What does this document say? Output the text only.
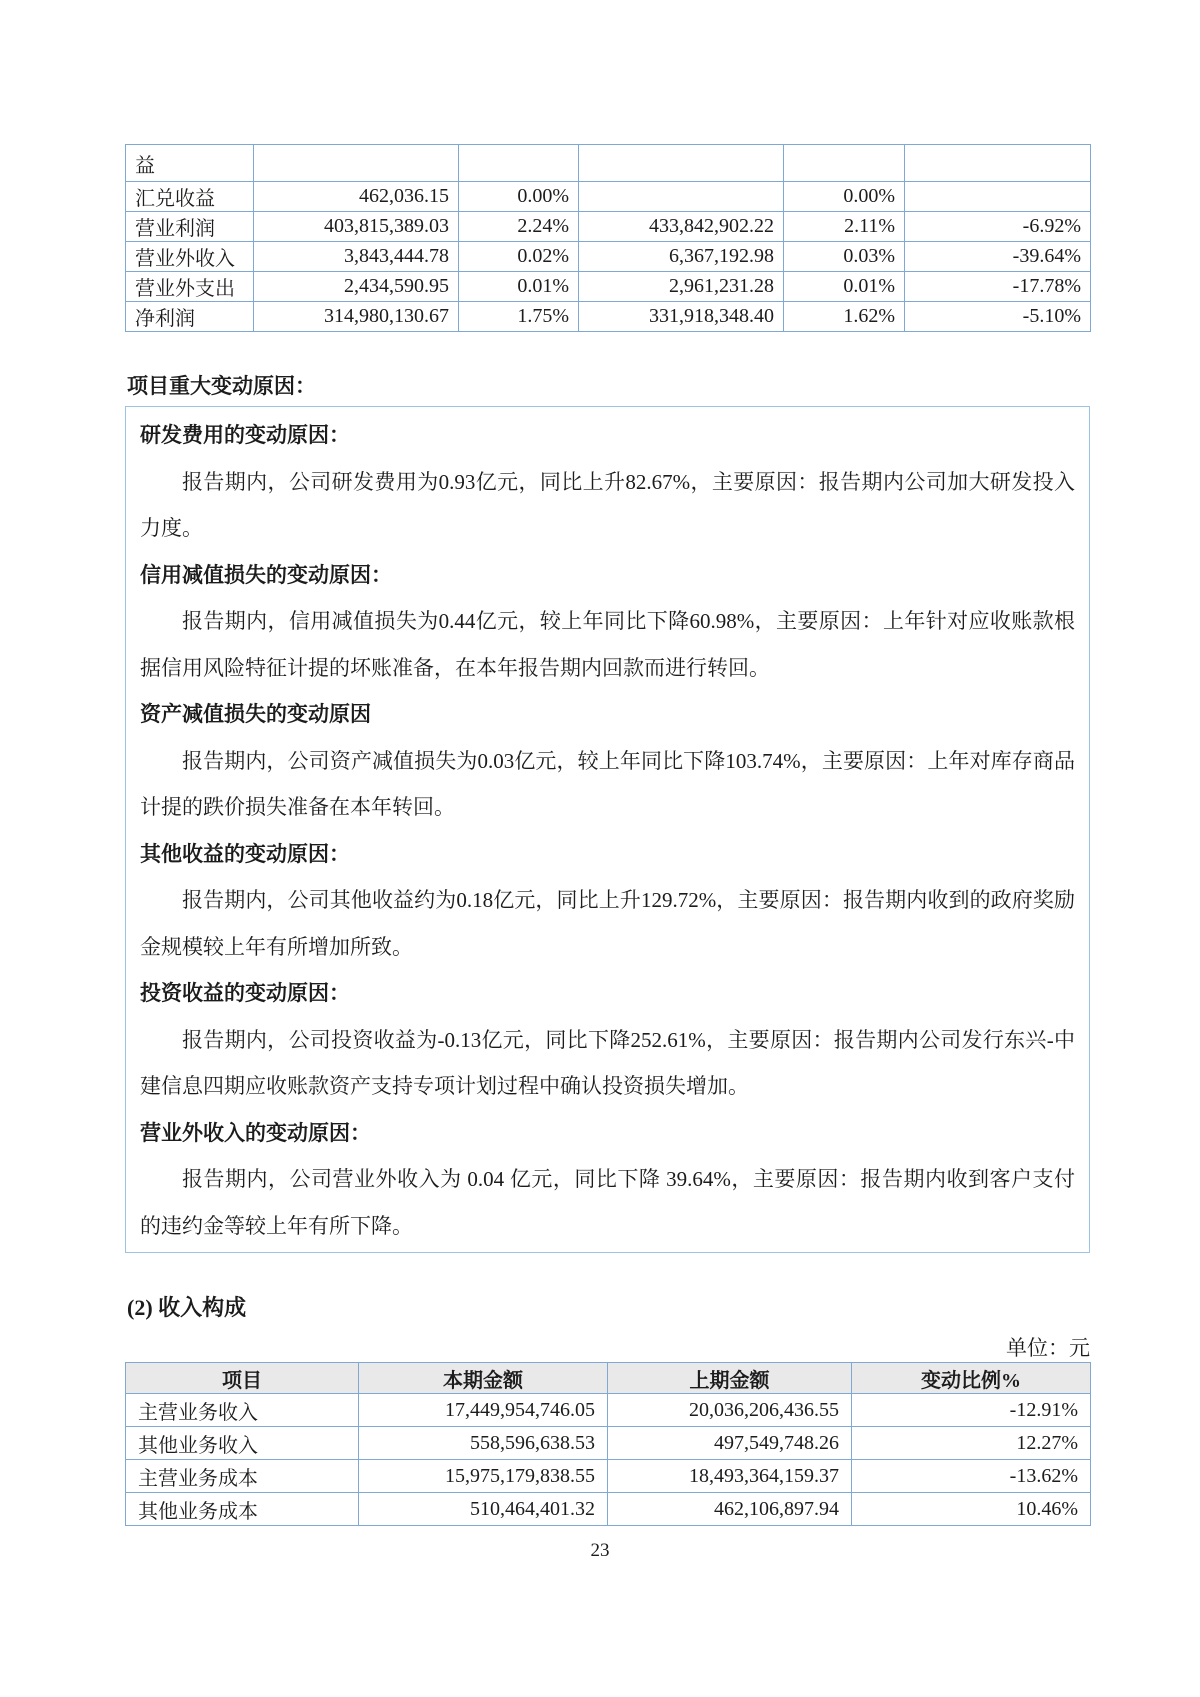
益					
汇兑收益	462,036.15	0.00%		0.00%	
营业利润	403,815,389.03	2.24%	433,842,902.22	2.11%	-6.92%
营业外收入	3,843,444.78	0.02%	6,367,192.98	0.03%	-39.64%
营业外支出	2,434,590.95	0.01%	2,961,231.28	0.01%	-17.78%
净利润	314,980,130.67	1.75%	331,918,348.40	1.62%	-5.10%
项目重大变动原因：

研发费用的变动原因：

报告期内，公司研发费用为0.93亿元，同比上升82.67%，主要原因：报告期内公司加大研发投入力度。

信用减值损失的变动原因：

报告期内，信用减值损失为0.44亿元，较上年同比下降60.98%，主要原因：上年针对应收账款根据信用风险特征计提的坏账准备，在本年报告期内回款而进行转回。

资产减值损失的变动原因

报告期内，公司资产减值损失为0.03亿元，较上年同比下降103.74%，主要原因：上年对库存商品计提的跌价损失准备在本年转回。

其他收益的变动原因：

报告期内，公司其他收益约为0.18亿元，同比上升129.72%，主要原因：报告期内收到的政府奖励金规模较上年有所增加所致。

投资收益的变动原因：

报告期内，公司投资收益为-0.13亿元，同比下降252.61%，主要原因：报告期内公司发行东兴-中建信息四期应收账款资产支持专项计划过程中确认投资损失增加。

营业外收入的变动原因：

报告期内，公司营业外收入为 0.04 亿元，同比下降 39.64%，主要原因：报告期内收到客户支付的违约金等较上年有所下降。

(2) 收入构成
单位：元
项目	本期金额	上期金额	变动比例%
主营业务收入	17,449,954,746.05	20,036,206,436.55	-12.91%
其他业务收入	558,596,638.53	497,549,748.26	12.27%
主营业务成本	15,975,179,838.55	18,493,364,159.37	-13.62%
其他业务成本	510,464,401.32	462,106,897.94	10.46%
23
